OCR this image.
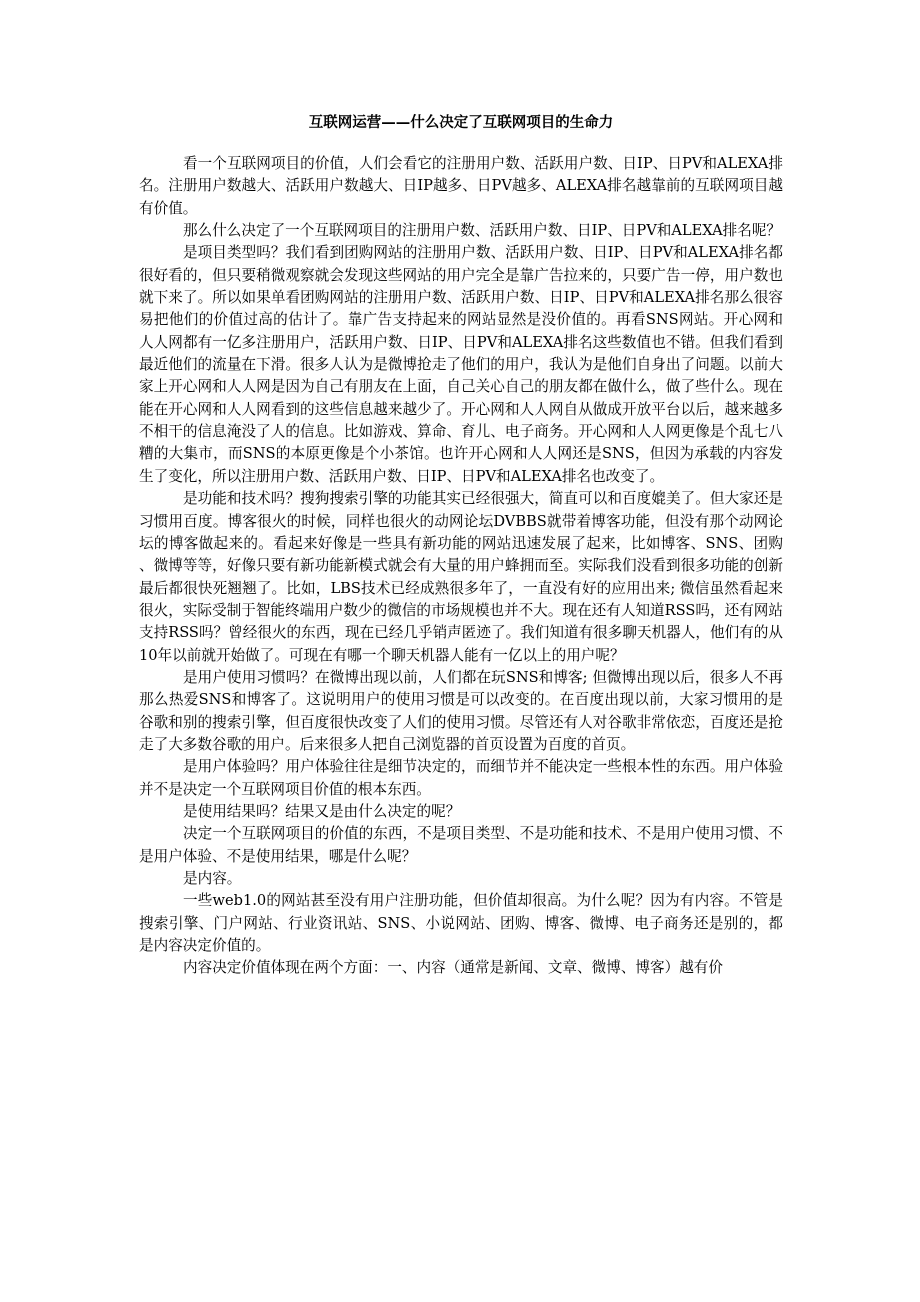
互联网运营——什么决定了互联网项目的生命力

看一个互联网项目的价值，人们会看它的注册用户数、活跃用户数、日IP、日PV和ALEXA排名。注册用户数越大、活跃用户数越大、日IP越多、日PV越多、ALEXA排名越靠前的互联网项目越有价值。

那么什么决定了一个互联网项目的注册用户数、活跃用户数、日IP、日PV和ALEXA排名呢？

是项目类型吗？我们看到团购网站的注册用户数、活跃用户数、日IP、日PV和ALEXA排名都很好看的，但只要稍微观察就会发现这些网站的用户完全是靠广告拉来的，只要广告一停，用户数也就下来了。所以如果单看团购网站的注册用户数、活跃用户数、日IP、日PV和ALEXA排名那么很容易把他们的价值过高的估计了。靠广告支持起来的网站显然是没价值的。再看SNS网站。开心网和人人网都有一亿多注册用户，活跃用户数、日IP、日PV和ALEXA排名这些数值也不错。但我们看到最近他们的流量在下滑。很多人认为是微博抢走了他们的用户，我认为是他们自身出了问题。以前大家上开心网和人人网是因为自己有朋友在上面，自己关心自己的朋友都在做什么，做了些什么。现在能在开心网和人人网看到的这些信息越来越少了。开心网和人人网自从做成开放平台以后，越来越多不相干的信息淹没了人的信息。比如游戏、算命、育儿、电子商务。开心网和人人网更像是个乱七八糟的大集市，而SNS的本原更像是个小茶馆。也许开心网和人人网还是SNS，但因为承载的内容发生了变化，所以注册用户数、活跃用户数、日IP、日PV和ALEXA排名也改变了。

是功能和技术吗？搜狗搜索引擎的功能其实已经很强大，简直可以和百度媲美了。但大家还是习惯用百度。博客很火的时候，同样也很火的动网论坛DVBBS就带着博客功能，但没有那个动网论坛的博客做起来的。看起来好像是一些具有新功能的网站迅速发展了起来，比如博客、SNS、团购、微博等等，好像只要有新功能新模式就会有大量的用户蜂拥而至。实际我们没看到很多功能的创新最后都很快死翘翘了。比如，LBS技术已经成熟很多年了，一直没有好的应用出来; 微信虽然看起来很火，实际受制于智能终端用户数少的微信的市场规模也并不大。现在还有人知道RSS吗，还有网站支持RSS吗？曾经很火的东西，现在已经几乎销声匿迹了。我们知道有很多聊天机器人，他们有的从10年以前就开始做了。可现在有哪一个聊天机器人能有一亿以上的用户呢？

是用户使用习惯吗？在微博出现以前，人们都在玩SNS和博客; 但微博出现以后，很多人不再那么热爱SNS和博客了。这说明用户的使用习惯是可以改变的。在百度出现以前，大家习惯用的是谷歌和别的搜索引擎，但百度很快改变了人们的使用习惯。尽管还有人对谷歌非常依恋，百度还是抢走了大多数谷歌的用户。后来很多人把自己浏览器的首页设置为百度的首页。

是用户体验吗？用户体验往往是细节决定的，而细节并不能决定一些根本性的东西。用户体验并不是决定一个互联网项目价值的根本东西。

是使用结果吗？结果又是由什么决定的呢？

决定一个互联网项目的价值的东西，不是项目类型、不是功能和技术、不是用户使用习惯、不是用户体验、不是使用结果，哪是什么呢？

是内容。

一些web1.0的网站甚至没有用户注册功能，但价值却很高。为什么呢？因为有内容。不管是搜索引擎、门户网站、行业资讯站、SNS、小说网站、团购、博客、微博、电子商务还是别的，都是内容决定价值的。

内容决定价值体现在两个方面：一、内容（通常是新闻、文章、微博、博客）越有价
